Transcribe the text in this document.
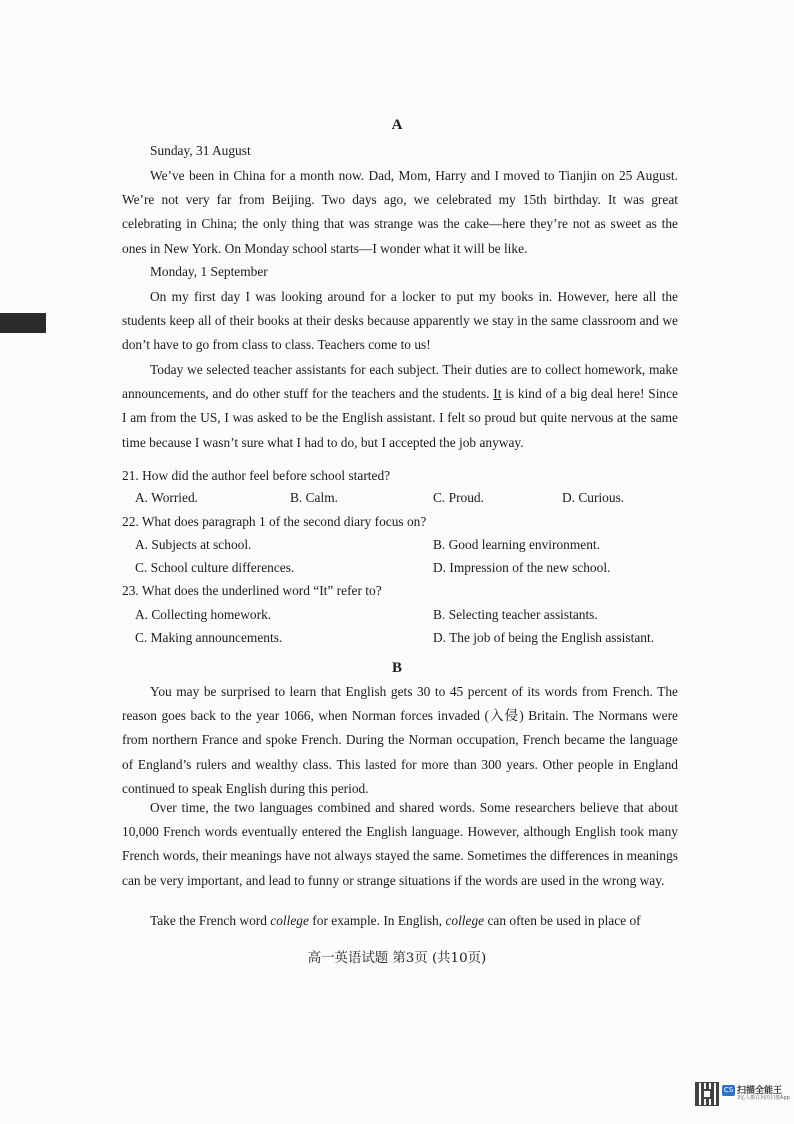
A
Sunday, 31 August
We’ve been in China for a month now. Dad, Mom, Harry and I moved to Tianjin on 25 August. We’re not very far from Beijing. Two days ago, we celebrated my 15th birthday. It was great celebrating in China; the only thing that was strange was the cake—here they’re not as sweet as the ones in New York. On Monday school starts—I wonder what it will be like.
Monday, 1 September
On my first day I was looking around for a locker to put my books in. However, here all the students keep all of their books at their desks because apparently we stay in the same classroom and we don’t have to go from class to class. Teachers come to us!
Today we selected teacher assistants for each subject. Their duties are to collect homework, make announcements, and do other stuff for the teachers and the students. It is kind of a big deal here! Since I am from the US, I was asked to be the English assistant. I felt so proud but quite nervous at the same time because I wasn’t sure what I had to do, but I accepted the job anyway.
21. How did the author feel before school started?
A. Worried.	B. Calm.	C. Proud.	D. Curious.
22. What does paragraph 1 of the second diary focus on?
A. Subjects at school.	B. Good learning environment.
C. School culture differences.	D. Impression of the new school.
23. What does the underlined word “It” refer to?
A. Collecting homework.	B. Selecting teacher assistants.
C. Making announcements.	D. The job of being the English assistant.
B
You may be surprised to learn that English gets 30 to 45 percent of its words from French. The reason goes back to the year 1066, when Norman forces invaded (入侵) Britain. The Normans were from northern France and spoke French. During the Norman occupation, French became the language of England’s rulers and wealthy class. This lasted for more than 300 years. Other people in England continued to speak English during this period.
Over time, the two languages combined and shared words. Some researchers believe that about 10,000 French words eventually entered the English language. However, although English took many French words, their meanings have not always stayed the same. Sometimes the differences in meanings can be very important, and lead to funny or strange situations if the words are used in the wrong way.
Take the French word college for example. In English, college can often be used in place of
高一英语试题 第3页 (共10页)
CS 扫描全能王
3亿人都在用的扫描App
